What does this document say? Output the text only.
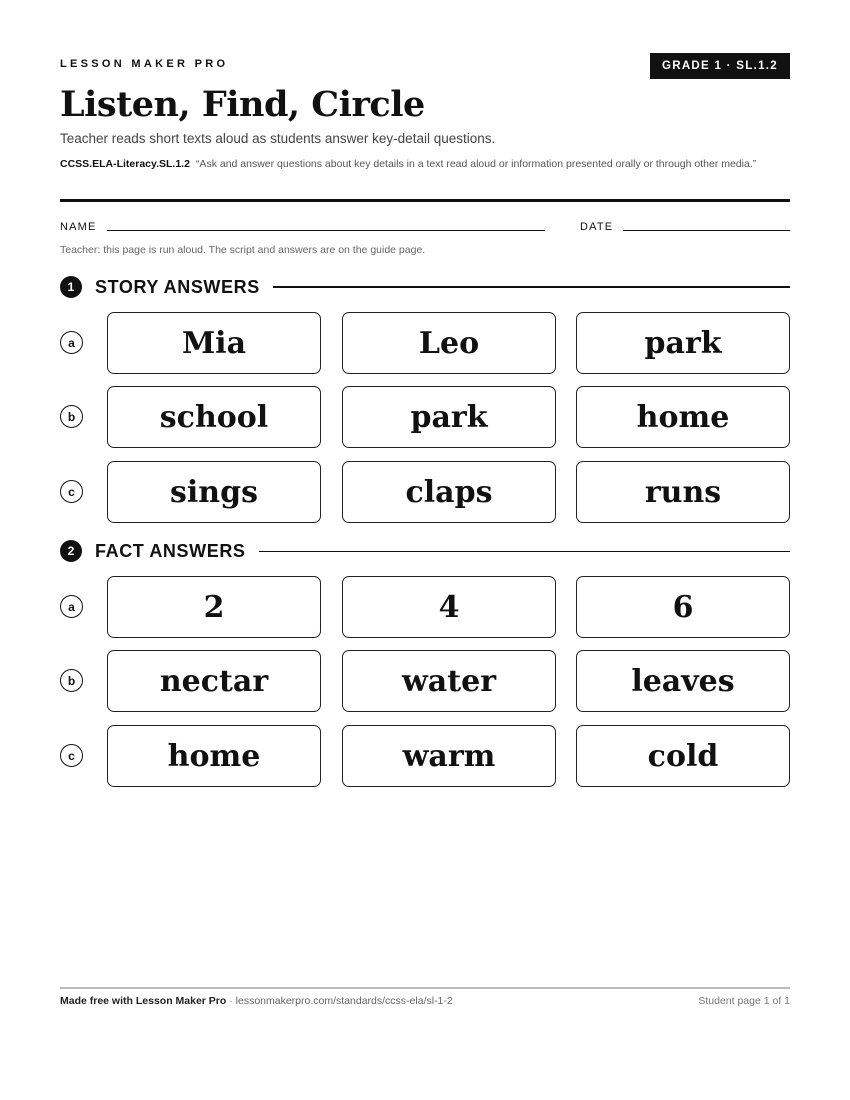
LESSON MAKER PRO	GRADE 1 · SL.1.2
Listen, Find, Circle
Teacher reads short texts aloud as students answer key-detail questions.
CCSS.ELA-Literacy.SL.1.2 “Ask and answer questions about key details in a text read aloud or information presented orally or through other media.”
NAME	DATE
Teacher: this page is run aloud. The script and answers are on the guide page.
1	STORY ANSWERS
a	Mia	Leo	park
b	school	park	home
c	sings	claps	runs
2	FACT ANSWERS
a	2	4	6
b	nectar	water	leaves
c	home	warm	cold
Made free with Lesson Maker Pro · lessonmakerpro.com/standards/ccss-ela/sl-1-2	Student page 1 of 1
